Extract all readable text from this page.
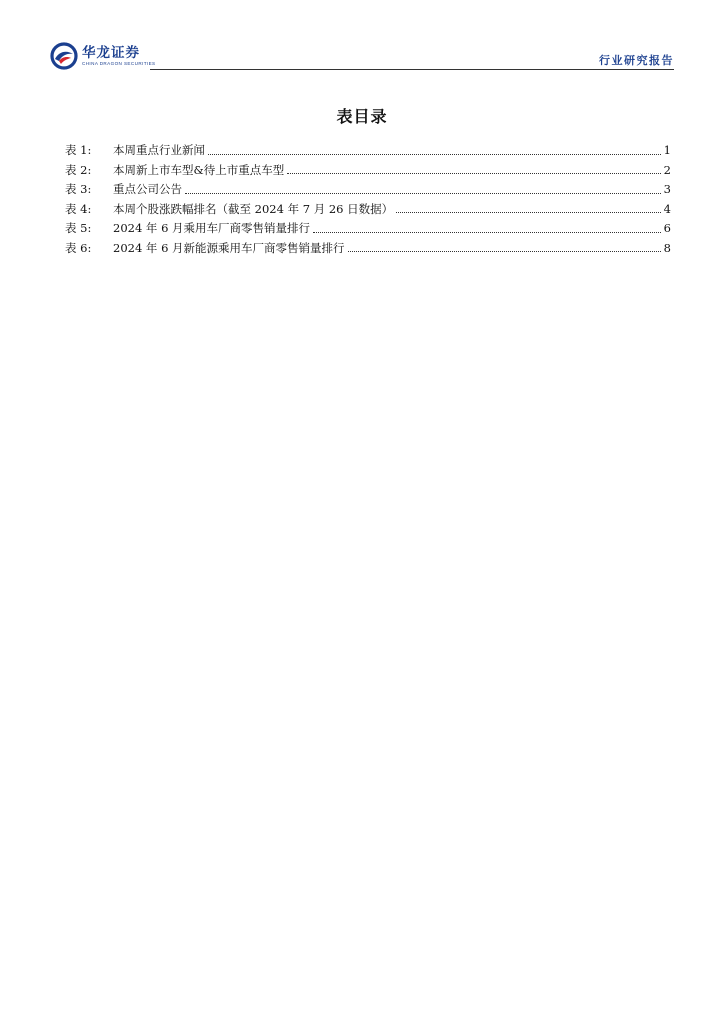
华龙证券
CHINA DRAGON SECURITIES	行业研究报告
表目录
表 1:	本周重点行业新闻	1
表 2:	本周新上市车型&待上市重点车型	2
表 3:	重点公司公告	3
表 4:	本周个股涨跌幅排名（截至 2024 年 7 月 26 日数据）	4
表 5:	2024 年 6 月乘用车厂商零售销量排行	6
表 6:	2024 年 6 月新能源乘用车厂商零售销量排行	8
